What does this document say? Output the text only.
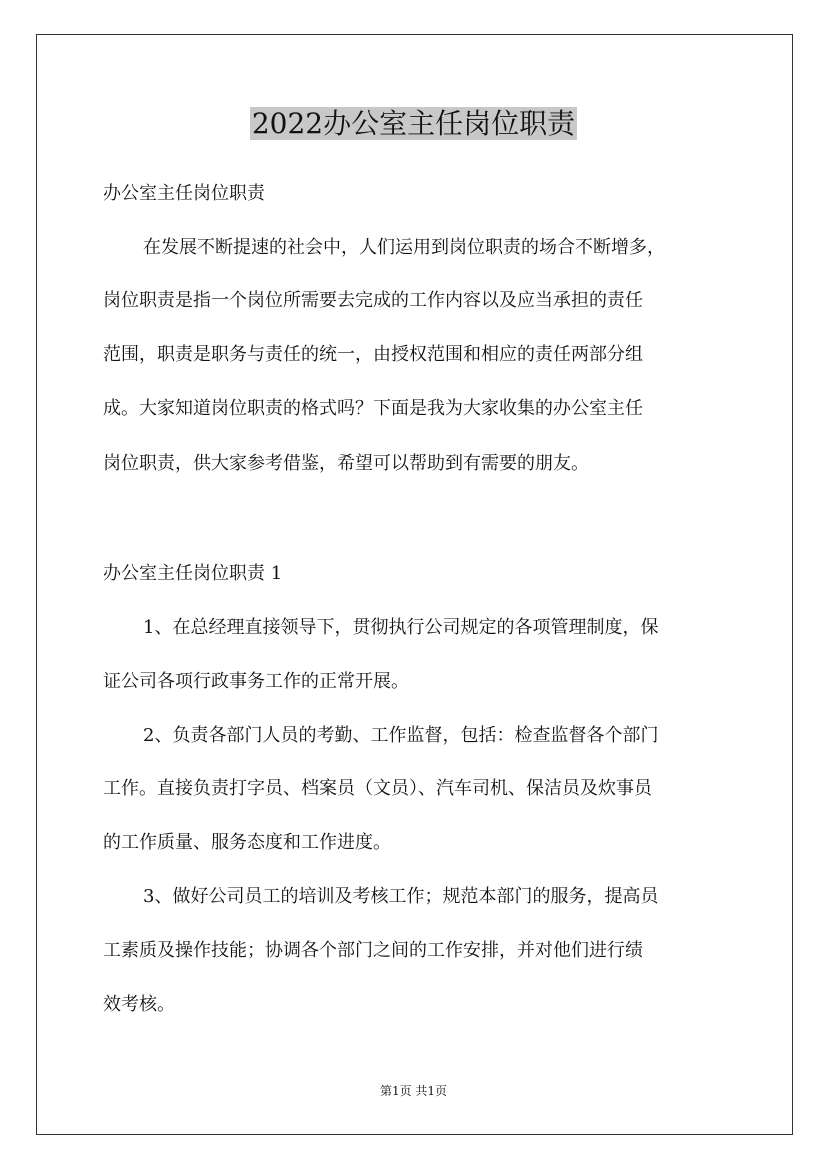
2022办公室主任岗位职责
办公室主任岗位职责
在发展不断提速的社会中，人们运用到岗位职责的场合不断增多，
岗位职责是指一个岗位所需要去完成的工作内容以及应当承担的责任
范围，职责是职务与责任的统一，由授权范围和相应的责任两部分组
成。大家知道岗位职责的格式吗？下面是我为大家收集的办公室主任
岗位职责，供大家参考借鉴，希望可以帮助到有需要的朋友。
办公室主任岗位职责 1
1、在总经理直接领导下，贯彻执行公司规定的各项管理制度，保
证公司各项行政事务工作的正常开展。
2、负责各部门人员的考勤、工作监督，包括：检查监督各个部门
工作。直接负责打字员、档案员（文员）、汽车司机、保洁员及炊事员
的工作质量、服务态度和工作进度。
3、做好公司员工的培训及考核工作；规范本部门的服务，提高员
工素质及操作技能；协调各个部门之间的工作安排，并对他们进行绩
效考核。
第1页 共1页
